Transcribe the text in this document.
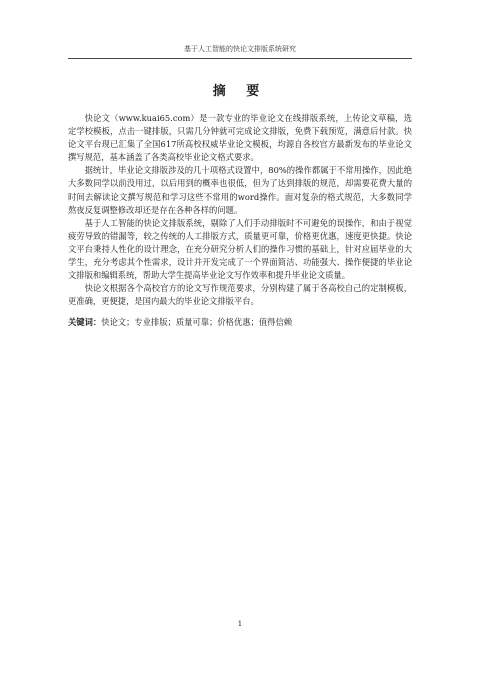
基于人工智能的快论文排版系统研究
摘 要

快论文（www.kuai65.com）是一款专业的毕业论文在线排版系统，上传论文草稿，选定学校模板，点击一键排版，只需几分钟就可完成论文排版，免费下载预览，满意后付款。快论文平台现已汇集了全国617所高校权威毕业论文模板，均源自各校官方最新发布的毕业论文撰写规范，基本涵盖了各类高校毕业论文格式要求。

据统计，毕业论文排版涉及的几十项格式设置中，80%的操作都属于不常用操作，因此绝大多数同学以前没用过，以后用到的概率也很低，但为了达到排版的规范，却需要花费大量的时间去解读论文撰写规范和学习这些不常用的word操作。面对复杂的格式规范，大多数同学熬夜反复调整修改却还是存在各种各样的问题。

基于人工智能的快论文排版系统，剔除了人们手动排版时不可避免的误操作，和由于视觉疲劳导致的错漏等，较之传统的人工排版方式，质量更可靠，价格更优惠，速度更快捷。快论文平台秉持人性化的设计理念，在充分研究分析人们的操作习惯的基础上，针对应届毕业的大学生，充分考虑其个性需求，设计并开发完成了一个界面简洁、功能强大、操作便捷的毕业论文排版和编辑系统，帮助大学生提高毕业论文写作效率和提升毕业论文质量。

快论文根据各个高校官方的论文写作规范要求，分别构建了属于各高校自己的定制模板，更准确，更便捷，是国内最大的毕业论文排版平台。

关键词：快论文；专业排版；质量可靠；价格优惠；值得信赖
1
